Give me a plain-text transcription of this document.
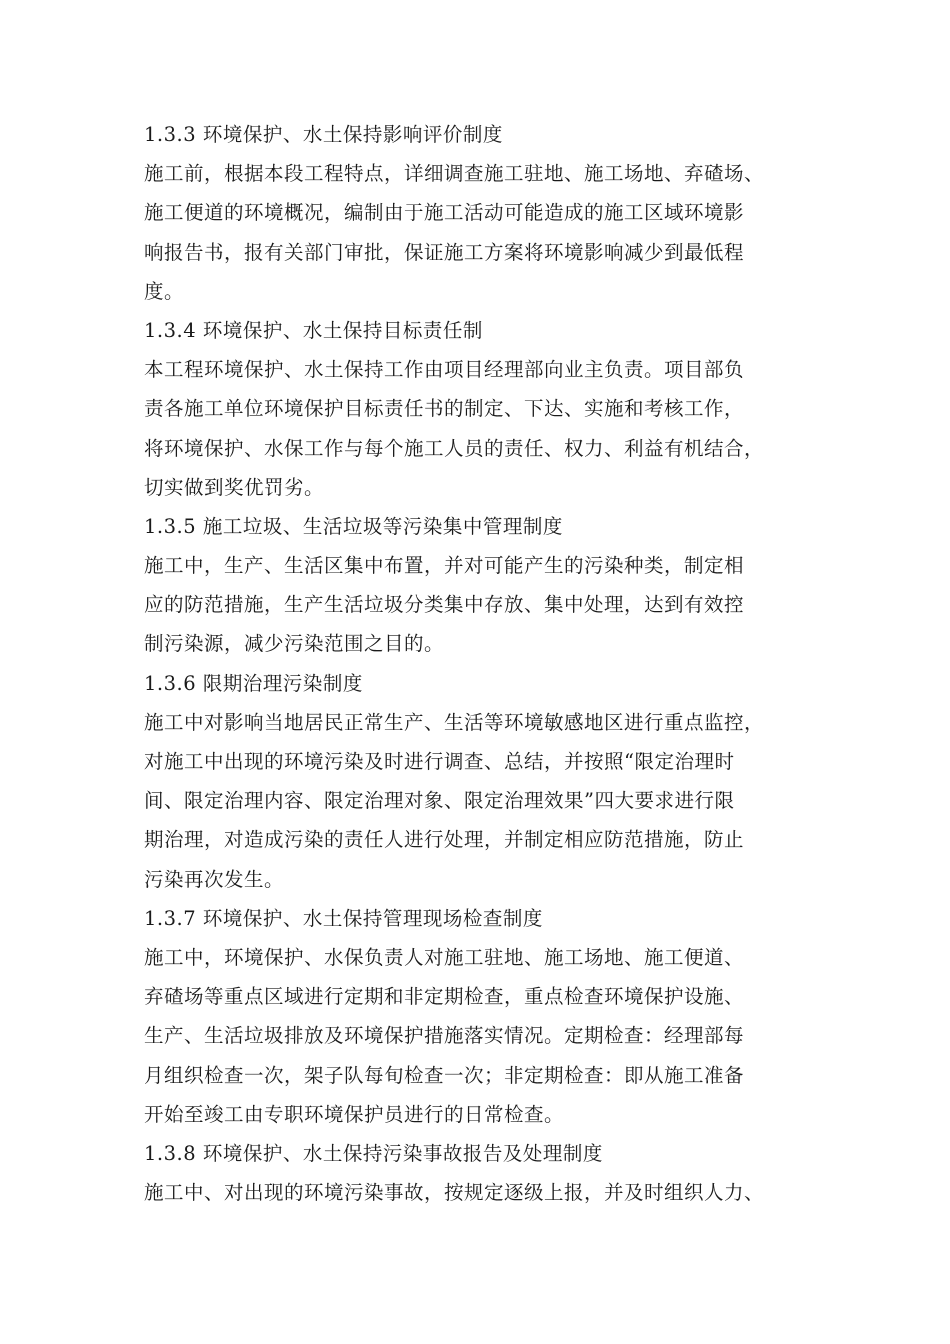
1.3.3 环境保护、水土保持影响评价制度
施工前，根据本段工程特点，详细调查施工驻地、施工场地、弃碴场、
施工便道的环境概况，编制由于施工活动可能造成的施工区域环境影
响报告书，报有关部门审批，保证施工方案将环境影响减少到最低程
度。
1.3.4 环境保护、水土保持目标责任制
本工程环境保护、水土保持工作由项目经理部向业主负责。项目部负
责各施工单位环境保护目标责任书的制定、下达、实施和考核工作，
将环境保护、水保工作与每个施工人员的责任、权力、利益有机结合，
切实做到奖优罚劣。
1.3.5 施工垃圾、生活垃圾等污染集中管理制度
施工中，生产、生活区集中布置，并对可能产生的污染种类，制定相
应的防范措施，生产生活垃圾分类集中存放、集中处理，达到有效控
制污染源，减少污染范围之目的。
1.3.6 限期治理污染制度
施工中对影响当地居民正常生产、生活等环境敏感地区进行重点监控，
对施工中出现的环境污染及时进行调查、总结，并按照“限定治理时
间、限定治理内容、限定治理对象、限定治理效果”四大要求进行限
期治理，对造成污染的责任人进行处理，并制定相应防范措施，防止
污染再次发生。
1.3.7 环境保护、水土保持管理现场检查制度
施工中，环境保护、水保负责人对施工驻地、施工场地、施工便道、
弃碴场等重点区域进行定期和非定期检查，重点检查环境保护设施、
生产、生活垃圾排放及环境保护措施落实情况。定期检查：经理部每
月组织检查一次，架子队每旬检查一次；非定期检查：即从施工准备
开始至竣工由专职环境保护员进行的日常检查。
1.3.8 环境保护、水土保持污染事故报告及处理制度
施工中、对出现的环境污染事故，按规定逐级上报，并及时组织人力、
